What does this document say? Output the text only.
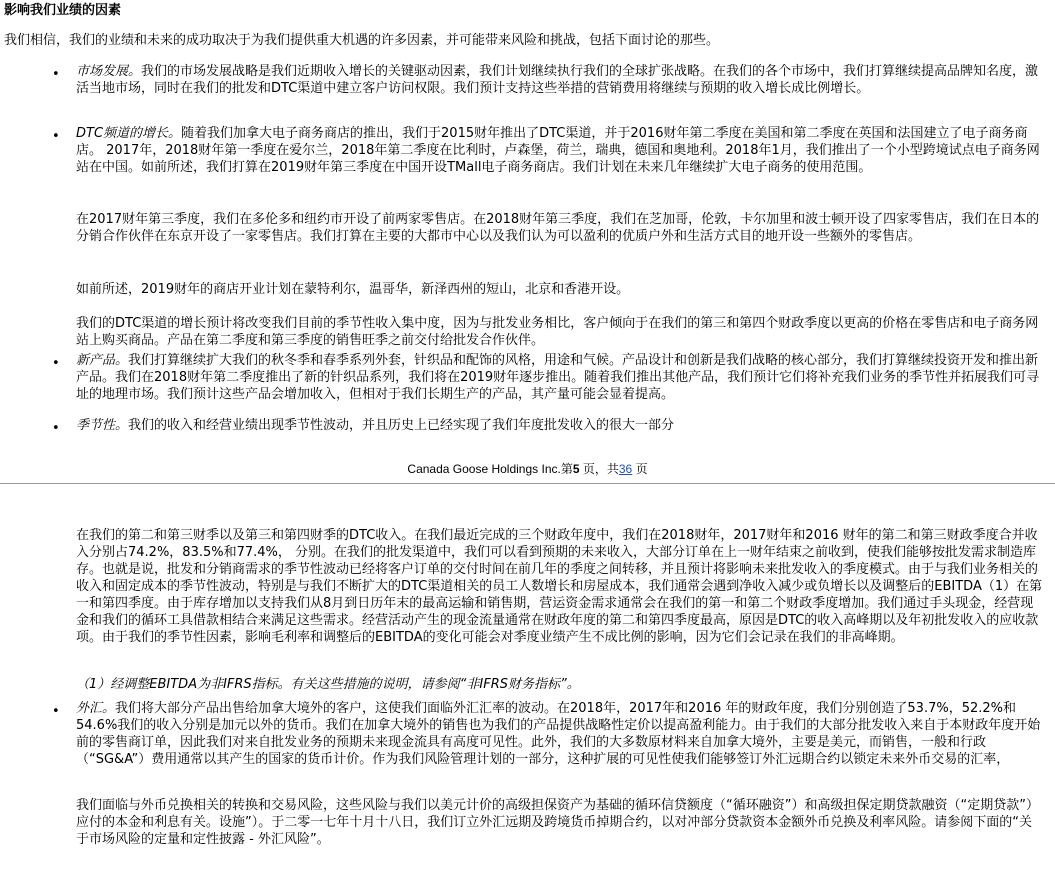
影响我们业绩的因素

我们相信，我们的业绩和未来的成功取决于为我们提供重大机遇的许多因素，并可能带来风险和挑战，包括下面讨论的那些。

• 市场发展。我们的市场发展战略是我们近期收入增长的关键驱动因素，我们计划继续执行我们的全球扩张战略。在我们的各个市场中，我们打算继续提高品牌知名度，激活当地市场，同时在我们的批发和DTC渠道中建立客户访问权限。我们预计支持这些举措的营销费用将继续与预期的收入增长成比例增长。

• DTC频道的增长。随着我们加拿大电子商务商店的推出，我们于2015财年推出了DTC渠道，并于2016财年第二季度在美国和第二季度在英国和法国建立了电子商务商店。 2017年，2018财年第一季度在爱尔兰，2018年第二季度在比利时，卢森堡，荷兰，瑞典，德国和奥地利。2018年1月，我们推出了一个小型跨境试点电子商务网站在中国。如前所述，我们打算在2019财年第三季度在中国开设TMall电子商务商店。我们计划在未来几年继续扩大电子商务的使用范围。

在2017财年第三季度，我们在多伦多和纽约市开设了前两家零售店。在2018财年第三季度，我们在芝加哥，伦敦，卡尔加里和波士顿开设了四家零售店，我们在日本的分销合作伙伴在东京开设了一家零售店。我们打算在主要的大都市中心以及我们认为可以盈利的优质户外和生活方式目的地开设一些额外的零售店。

如前所述，2019财年的商店开业计划在蒙特利尔，温哥华，新泽西州的短山，北京和香港开设。

我们的DTC渠道的增长预计将改变我们目前的季节性收入集中度，因为与批发业务相比，客户倾向于在我们的第三和第四个财政季度以更高的价格在零售店和电子商务网站上购买商品。产品在第二季度和第三季度的销售旺季之前交付给批发合作伙伴。

• 新产品。我们打算继续扩大我们的秋冬季和春季系列外套，针织品和配饰的风格，用途和气候。产品设计和创新是我们战略的核心部分，我们打算继续投资开发和推出新产品。我们在2018财年第二季度推出了新的针织品系列，我们将在2019财年逐步推出。随着我们推出其他产品，我们预计它们将补充我们业务的季节性并拓展我们可寻址的地理市场。我们预计这些产品会增加收入，但相对于我们长期生产的产品，其产量可能会显着提高。

• 季节性。我们的收入和经营业绩出现季节性波动，并且历史上已经实现了我们年度批发收入的很大一部分

Canada Goose Holdings Inc.第5 页，共36 页

在我们的第二和第三财季以及第三和第四财季的DTC收入。在我们最近完成的三个财政年度中，我们在2018财年，2017财年和2016 财年的第二和第三财政季度合并收入分别占74.2%，83.5%和77.4%， 分别。在我们的批发渠道中，我们可以看到预期的未来收入，大部分订单在上一财年结束之前收到，使我们能够按批发需求制造库存。也就是说，批发和分销商需求的季节性波动已经将客户订单的交付时间在前几年的季度之间转移，并且预计将影响未来批发收入的季度模式。由于与我们业务相关的收入和固定成本的季节性波动，特别是与我们不断扩大的DTC渠道相关的员工人数增长和房屋成本，我们通常会遇到净收入减少或负增长以及调整后的EBITDA（1）在第一和第四季度。由于库存增加以支持我们从8月到日历年末的最高运输和销售期，营运资金需求通常会在我们的第一和第二个财政季度增加。我们通过手头现金，经营现金和我们的循环工具借款相结合来满足这些需求。经营活动产生的现金流量通常在财政年度的第二和第四季度最高，原因是DTC的收入高峰期以及年初批发收入的应收款项。由于我们的季节性因素，影响毛利率和调整后的EBITDA的变化可能会对季度业绩产生不成比例的影响，因为它们会记录在我们的非高峰期。

（1）经调整EBITDA为非IFRS指标。有关这些措施的说明，请参阅“非IFRS财务指标”。

• 外汇。我们将大部分产品出售给加拿大境外的客户，这使我们面临外汇汇率的波动。在2018年，2017年和2016 年的财政年度，我们分别创造了53.7%，52.2%和54.6%我们的收入分别是加元以外的货币。我们在加拿大境外的销售也为我们的产品提供战略性定价以提高盈利能力。由于我们的大部分批发收入来自于本财政年度开始前的零售商订单，因此我们对来自批发业务的预期未来现金流具有高度可见性。此外，我们的大多数原材料来自加拿大境外，主要是美元，而销售，一般和行政（“SG&A”）费用通常以其产生的国家的货币计价。作为我们风险管理计划的一部分，这种扩展的可见性使我们能够签订外汇远期合约以锁定未来外币交易的汇率，

我们面临与外币兑换相关的转换和交易风险，这些风险与我们以美元计价的高级担保资产为基础的循环信贷额度（“循环融资”）和高级担保定期贷款融资（“定期贷款”）应付的本金和利息有关。设施”）。于二零一七年十月十八日，我们订立外汇远期及跨境货币掉期合约，以对冲部分贷款资本金额外币兑换及利率风险。请参阅下面的“关于市场风险的定量和定性披露 - 外汇风险”。
